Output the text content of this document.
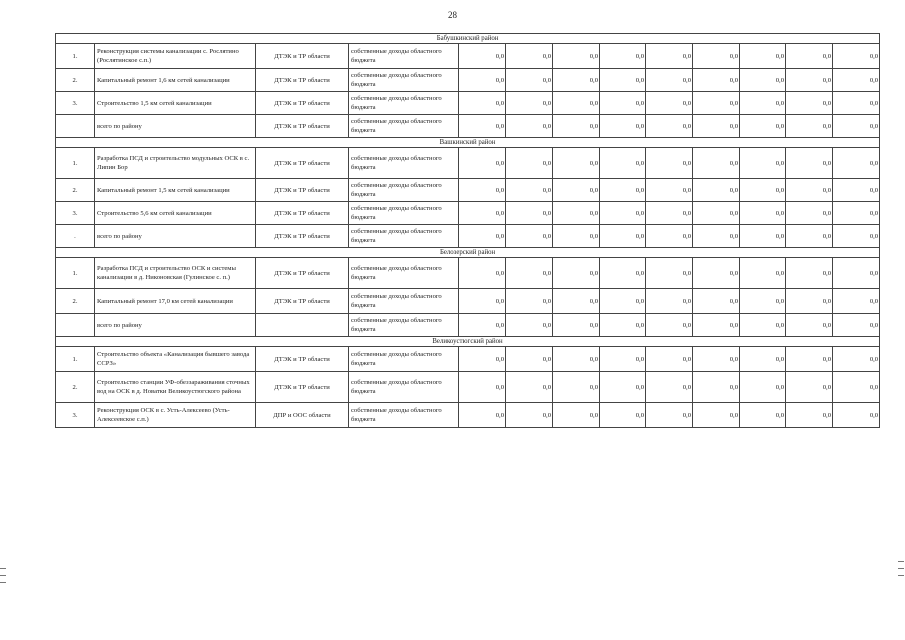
28
Бабушкинский район												
1.	Реконструкция системы канализации с. Рослятино (Рослятинское с.п.)	ДТЭК и ТР области	собственные доходы областного бюджета	0,0	0,0	0,0	0,0	0,0	0,0	0,0	0,0	0,0
2.	Капитальный ремонт 1,6 км сетей канализации	ДТЭК и ТР области	собственные доходы областного бюджета	0,0	0,0	0,0	0,0	0,0	0,0	0,0	0,0	0,0
3.	Строительство 1,5 км сетей канализации	ДТЭК и ТР области	собственные доходы областного бюджета	0,0	0,0	0,0	0,0	0,0	0,0	0,0	0,0	0,0
	всего по району	ДТЭК и ТР области	собственные доходы областного бюджета	0,0	0,0	0,0	0,0	0,0	0,0	0,0	0,0	0,0
Вашкинский район												
1.	Разработка ПСД и строительство модульных ОСК в с. Липин Бор	ДТЭК и ТР области	собственные доходы областного бюджета	0,0	0,0	0,0	0,0	0,0	0,0	0,0	0,0	0,0
2.	Капитальный ремонт 1,5 км сетей канализации	ДТЭК и ТР области	собственные доходы областного бюджета	0,0	0,0	0,0	0,0	0,0	0,0	0,0	0,0	0,0
3.	Строительство 5,6 км сетей канализации	ДТЭК и ТР области	собственные доходы областного бюджета	0,0	0,0	0,0	0,0	0,0	0,0	0,0	0,0	0,0
.	всего по району	ДТЭК и ТР области	собственные доходы областного бюджета	0,0	0,0	0,0	0,0	0,0	0,0	0,0	0,0	0,0
Белозерский район												
1.	Разработка ПСД и строительство ОСК и системы канализации в д. Никоновская (Гулинское с. п.)	ДТЭК и ТР области	собственные доходы областного бюджета	0,0	0,0	0,0	0,0	0,0	0,0	0,0	0,0	0,0
2.	Капитальный ремонт 17,0 км сетей канализации	ДТЭК и ТР области	собственные доходы областного бюджета	0,0	0,0	0,0	0,0	0,0	0,0	0,0	0,0	0,0
	всего по району		собственные доходы областного бюджета	0,0	0,0	0,0	0,0	0,0	0,0	0,0	0,0	0,0
Великоустюгский район												
1.	Строительство объекта «Канализация бывшего завода ССРЗ»	ДТЭК и ТР области	собственные доходы областного бюджета	0,0	0,0	0,0	0,0	0,0	0,0	0,0	0,0	0,0
2.	Строительство станции УФ-обеззараживания сточных вод на ОСК в д. Новатки Великоустюгского района	ДТЭК и ТР области	собственные доходы областного бюджета	0,0	0,0	0,0	0,0	0,0	0,0	0,0	0,0	0,0
3.	Реконструкция ОСК в с. Усть-Алексеево (Усть-Алексеевское с.п.)	ДПР и ООС области	собственные доходы областного бюджета	0,0	0,0	0,0	0,0	0,0	0,0	0,0	0,0	0,0
